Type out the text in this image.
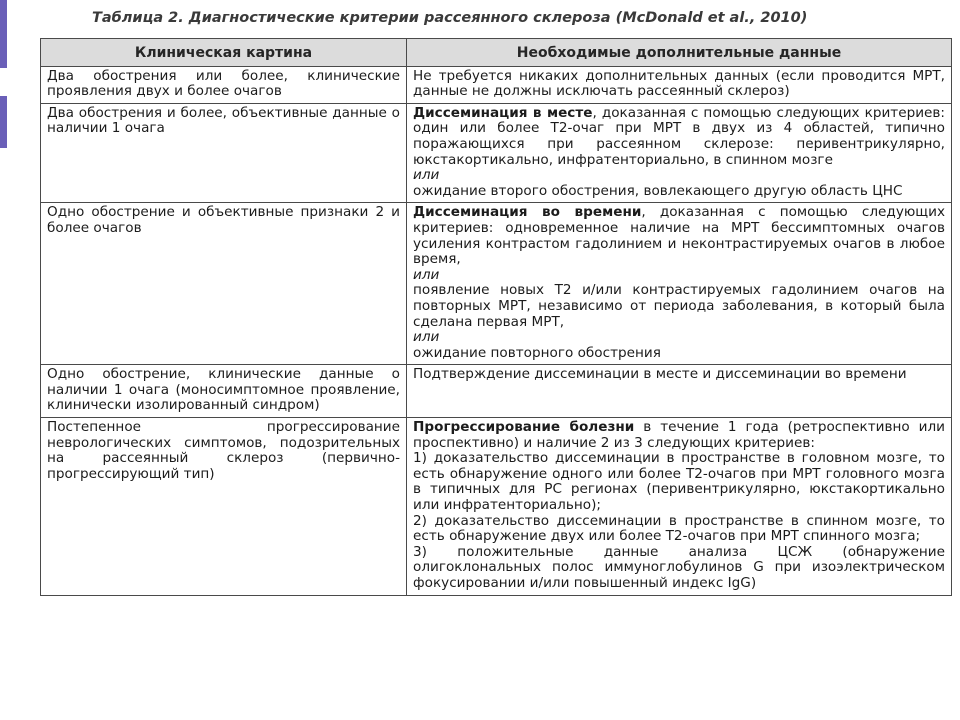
Таблица 2. Диагностические критерии рассеянного склероза (McDonald et al., 2010)
Клиническая картина	Необходимые дополнительные данные
Два обострения или более, клинические проявления двух и более очагов	Не требуется никаких дополнительных данных (если проводится МРТ, данные не должны исключать рассеянный склероз)
Два обострения и более, объективные данные о наличии 1 очага	Диссеминация в месте, доказанная с помощью следующих критериев: один или более T2-очаг при МРТ в двух из 4 областей, типично поражающихся при рассеянном склерозе: перивентрикулярно, юкстакортикально, инфратенториально, в спинном мозге
или
ожидание второго обострения, вовлекающего другую область ЦНС

Одно обострение и объективные признаки 2 и более очагов	Диссеминация во времени, доказанная с помощью следующих критериев: одновременное наличие на МРТ бессимптомных очагов усиления контрастом гадолинием и неконтрастируемых очагов в любое время,
или
появление новых T2 и/или контрастируемых гадолинием очагов на повторных МРТ, независимо от периода заболевания, в который была сделана первая МРТ,
или
ожидание повторного обострения

Одно обострение, клинические данные о наличии 1 очага (моносимптомное проявление, клинически изолированный синдром)	Подтверждение диссеминации в месте и диссеминации во времени
Постепенное прогрессирование неврологических симптомов, подозрительных на рассеянный склероз (первично-прогрессирующий тип)	Прогрессирование болезни в течение 1 года (ретроспективно или проспективно) и наличие 2 из 3 следующих критериев:
1) доказательство диссеминации в пространстве в головном мозге, то есть обнаружение одного или более T2-очагов при МРТ головного мозга в типичных для РС регионах (перивентрикулярно, юкстакортикально или инфратенториально);
2) доказательство диссеминации в пространстве в спинном мозге, то есть обнаружение двух или более T2-очагов при МРТ спинного мозга;
3) положительные данные анализа ЦСЖ (обнаружение олигоклональных полос иммуноглобулинов G при изоэлектрическом фокусировании и/или повышенный индекс IgG)
